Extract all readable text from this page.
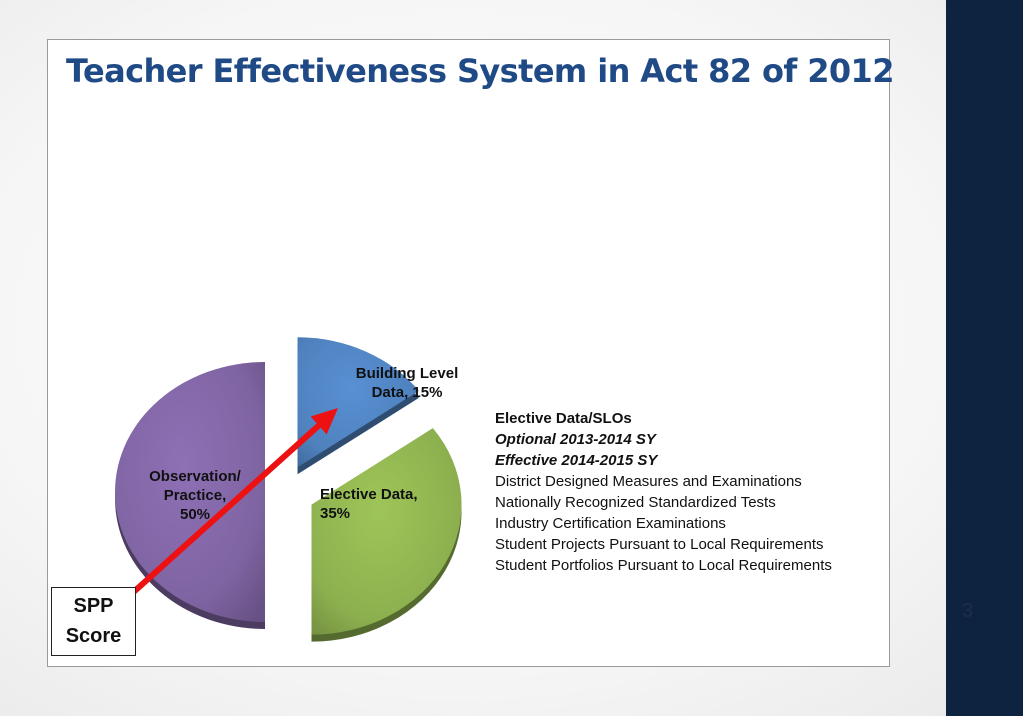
3
Teacher Effectiveness System in Act 82 of 2012
Building Level
Data, 15%
Elective Data,
35%
Observation/
Practice,
50%
Elective Data/SLOs
Optional 2013-2014 SY
Effective 2014-2015 SY
District Designed Measures and Examinations
Nationally Recognized Standardized Tests
Industry Certification Examinations
Student Projects Pursuant to Local Requirements
Student Portfolios Pursuant to Local Requirements
SPP
Score
